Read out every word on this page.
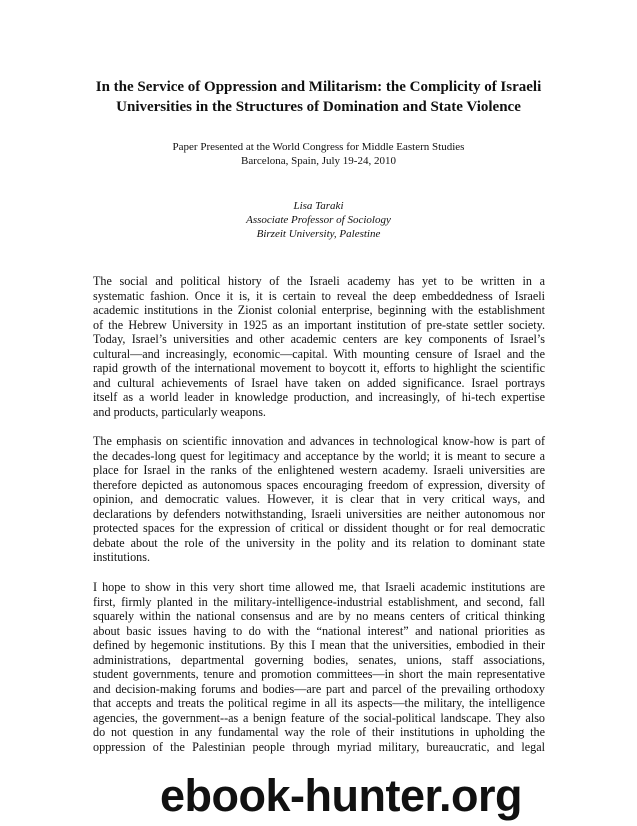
In the Service of Oppression and Militarism: the Complicity of Israeli
Universities in the Structures of Domination and State Violence
Paper Presented at the World Congress for Middle Eastern Studies
Barcelona, Spain, July 19-24, 2010
Lisa Taraki
Associate Professor of Sociology
Birzeit University, Palestine
The social and political history of the Israeli academy has yet to be written in a
systematic fashion. Once it is, it is certain to reveal the deep embeddedness of Israeli
academic institutions in the Zionist colonial enterprise, beginning with the establishment
of the Hebrew University in 1925 as an important institution of pre-state settler society.
Today, Israel’s universities and other academic centers are key components of Israel’s
cultural—and increasingly, economic—capital. With mounting censure of Israel and the
rapid growth of the international movement to boycott it, efforts to highlight the scientific
and cultural achievements of Israel have taken on added significance. Israel portrays
itself as a world leader in knowledge production, and increasingly, of hi-tech expertise
and products, particularly weapons.
The emphasis on scientific innovation and advances in technological know-how is part of
the decades-long quest for legitimacy and acceptance by the world; it is meant to secure a
place for Israel in the ranks of the enlightened western academy. Israeli universities are
therefore depicted as autonomous spaces encouraging freedom of expression, diversity of
opinion, and democratic values. However, it is clear that in very critical ways, and
declarations by defenders notwithstanding, Israeli universities are neither autonomous nor
protected spaces for the expression of critical or dissident thought or for real democratic
debate about the role of the university in the polity and its relation to dominant state
institutions.
I hope to show in this very short time allowed me, that Israeli academic institutions are
first, firmly planted in the military-intelligence-industrial establishment, and second, fall
squarely within the national consensus and are by no means centers of critical thinking
about basic issues having to do with the “national interest” and national priorities as
defined by hegemonic institutions. By this I mean that the universities, embodied in their
administrations, departmental governing bodies, senates, unions, staff associations,
student governments, tenure and promotion committees—in short the main representative
and decision-making forums and bodies—are part and parcel of the prevailing orthodoxy
that accepts and treats the political regime in all its aspects—the military, the intelligence
agencies, the government--as a benign feature of the social-political landscape. They also
do not question in any fundamental way the role of their institutions in upholding the
oppression of the Palestinian people through myriad military, bureaucratic, and legal
ebook-hunter.org
